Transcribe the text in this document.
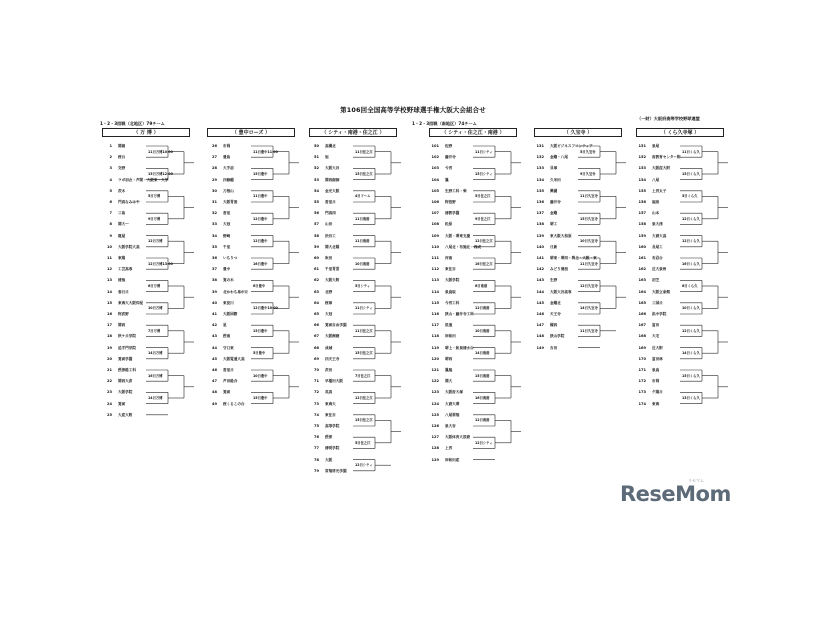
第106回全国高等学校野球選手権大阪大会組合せ
（一財）大阪府高等学校野球連盟
1・2・3回戦（北地区）79チーム	1・2・3回戦（南地区）74チーム
（ 万 博 ）
1 関創
2 桜台
3 交野
4 ラボ羽衣・芦間・大阪東・大学
5 茨木
6 門真なみはや
7 三島
8 関大一
9 寝屋
10 大阪学院大高
11 東陽
12 工芸高専
13 清風
14 春日丘
15 東海大大阪仰星
16 阿武野
17 関西
18 秋ケ丘学院
19 追手門学院
20 箕面学園
21 摂津総工科
22 関西大倉
23 大阪学院
24 箕面
25 大産大附
11日万博10:00
15日万博12:00
5日万博
9日万博
12日万博
12日万博13:00
6日万博
10日万博
7日万博
14日万博
16日万博
14日万博
（ 豊中ローズ ）
26 市岡
27 豊島
28 大手前
29 四條畷
30 刀根山
31 大阪青凌
32 香里
33 大冠
34 野崎
35 千里
36 いちりつ
37 豊中
38 箕の木
39 北かわち皐が丘
40 東淀川
41 大阪国際
42 星
43 摂南
44 守口東
45 大阪電通大高
46 香里丘
47 芦田総合
48 箕面
49 桜くるこの台
11日豊中11:00
15日豊中
11日豊中
12日豊中
12日豊中
16日豊中
6日豊中
12日豊中10:00
15日豊中
5日豊中
10日豊中
15日豊中
（ シティ・南港・住之江 ）
50 高槻北
51 旭
52 大阪大谷
53 関西創価
54 金光大阪
55 香里丘
56 門真西
57 山田
58 渋谷工
59 関大北陽
60 吹田
61 千里青雲
62 大阪大附
63 北野
64 桜塚
65 大冠
66 箕面自由学園
67 大阪桐蔭
68 成城
69 四天王寺
70 茨田
71 早稲田大阪
72 英真
73 東海大
74 東住吉
75 高等学院
76 摂津
77 清明学院
78 大阪
79 常翔啓光学園
11日住之江
15日住之江
4日ドーム
11日南港
11日南港
10日南港
5日シティ
11日シティ
11日住之江
15日住之江
7日住之江
12日住之江
15日住之江
5日住之江
12日シティ
（ シティ・住之江・南港 ）
101 佐野
102 藤井寺
103 今宮
104 鳳
105 生野工科・柴
106 阿倍野
107 清教学園
108 松原
109 大阪・堺東支援
110 八尾北・布施北・西成
111 河南
112 東住吉
113 大阪学院
114 泉鳥取
115 今宮工科
116 狭山・藤井寺工科
117 浪速
118 岸和田
119 堺上・和泉清水台
120 堺西
121 鳳凰
122 関大
123 大阪府大塚
124 大商大堺
125 八尾翠翔
126 泉大谷
127 大阪体育大浪商
128 上宮
129 岸和田産
11日シティ
15日シティ
5日住之江
9日住之江
12日住之江
16日住之江
6日南港
12日南港
10日南港
14日南港
15日南港
16日南港
12日南港
12日シティ
（ 久宝寺 ）
131 大阪ビジネスフロンティア
132 金剛・八尾
133 貝塚
134 久米田
135 興國
136 藤井寺
137 金剛
138 堺工
139 東大阪大柏原
140 日新
141 堺東・堺西・堺北・大阪・東
142 みどり清朋
143 生野
144 大阪大谷高専
145 金剛北
146 天王寺
147 槻西
148 狭山学院
149 吉田
5日久宝寺
9日久宝寺
11日久宝寺
15日久宝寺
10日久宝寺
11日久宝寺
12日久宝寺
14日久宝寺
11日久宝寺
（ くら久寺塚 ）
151 泉尾
152 府教育センター附
153 大阪産大附
154 八尾
155 上宮太子
156 福泉
157 山本
158 泉大津
159 大商大高
160 長尾工
161 布忍台
162 近大泉州
163 初芝
164 大阪立命館
165 三国丘
166 浜中学院
167 富田
168 大宅
169 近大附
170 富田林
171 泉鳥
172 市岡
173 夕陽丘
174 東海
11日くら久
15日くら久
5日くら久
12日くら久
12日くら久
16日くら久
6日くら久
10日くら久
12日くら久
14日くら久
15日くら久
13日くら久
ReseMom
リセマム
